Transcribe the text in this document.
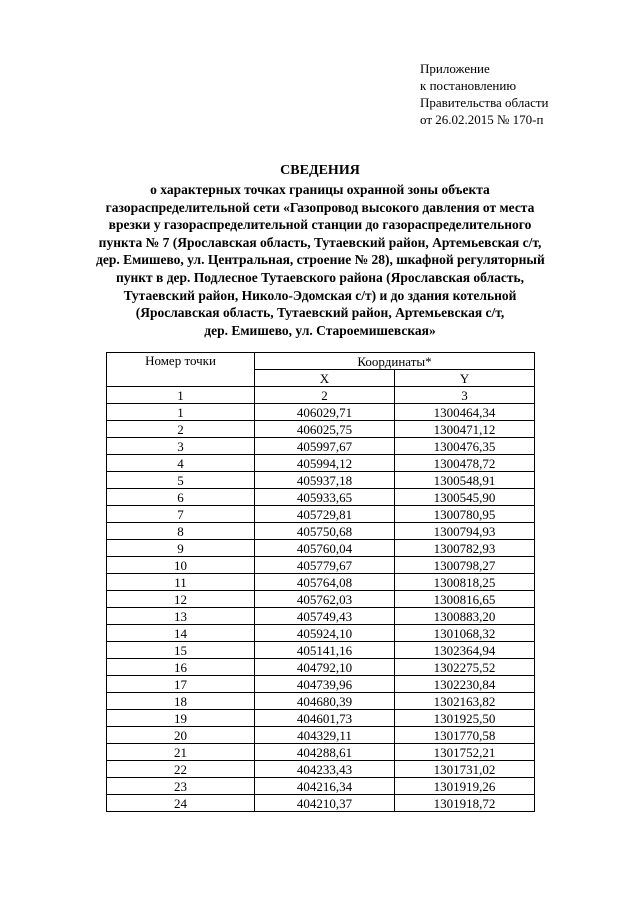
Приложение
к постановлению
Правительства области
от 26.02.2015 № 170-п
СВЕДЕНИЯ
о характерных точках границы охранной зоны объекта
газораспределительной сети «Газопровод высокого давления от места
врезки у газораспределительной станции до газораспределительного
пункта № 7 (Ярославская область, Тутаевский район, Артемьевская с/т,
дер. Емишево, ул. Центральная, строение № 28), шкафной регуляторный
пункт в дер. Подлесное Тутаевского района (Ярославская область,
Тутаевский район, Николо-Эдомская с/т) и до здания котельной
(Ярославская область, Тутаевский район, Артемьевская с/т,
дер. Емишево, ул. Староемишевская»
Номер точки	Координаты*	
	X	Y
1	2	3
1	406029,71	1300464,34
2	406025,75	1300471,12
3	405997,67	1300476,35
4	405994,12	1300478,72
5	405937,18	1300548,91
6	405933,65	1300545,90
7	405729,81	1300780,95
8	405750,68	1300794,93
9	405760,04	1300782,93
10	405779,67	1300798,27
11	405764,08	1300818,25
12	405762,03	1300816,65
13	405749,43	1300883,20
14	405924,10	1301068,32
15	405141,16	1302364,94
16	404792,10	1302275,52
17	404739,96	1302230,84
18	404680,39	1302163,82
19	404601,73	1301925,50
20	404329,11	1301770,58
21	404288,61	1301752,21
22	404233,43	1301731,02
23	404216,34	1301919,26
24	404210,37	1301918,72
